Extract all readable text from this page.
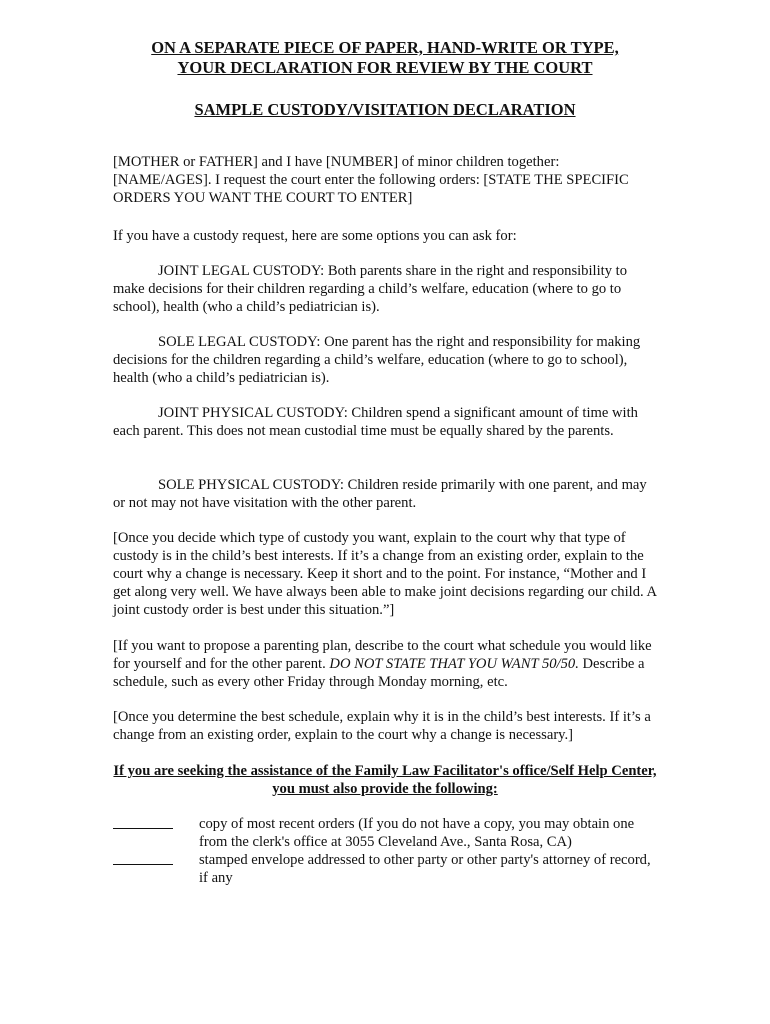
ON A SEPARATE PIECE OF PAPER, HAND-WRITE OR TYPE,

YOUR DECLARATION FOR REVIEW BY THE COURT

SAMPLE CUSTODY/VISITATION DECLARATION

[MOTHER or FATHER] and I have [NUMBER] of minor children together: [NAME/AGES]. I request the court enter the following orders: [STATE THE SPECIFIC ORDERS YOU WANT THE COURT TO ENTER]

If you have a custody request, here are some options you can ask for:

JOINT LEGAL CUSTODY: Both parents share in the right and responsibility to make decisions for their children regarding a child’s welfare, education (where to go to school), health (who a child’s pediatrician is).

SOLE LEGAL CUSTODY: One parent has the right and responsibility for making decisions for the children regarding a child’s welfare, education (where to go to school), health (who a child’s pediatrician is).

JOINT PHYSICAL CUSTODY: Children spend a significant amount of time with each parent. This does not mean custodial time must be equally shared by the parents.

SOLE PHYSICAL CUSTODY: Children reside primarily with one parent, and may or not may not have visitation with the other parent.

[Once you decide which type of custody you want, explain to the court why that type of custody is in the child’s best interests. If it’s a change from an existing order, explain to the court why a change is necessary. Keep it short and to the point. For instance, “Mother and I get along very well. We have always been able to make joint decisions regarding our child. A joint custody order is best under this situation.”]

[If you want to propose a parenting plan, describe to the court what schedule you would like for yourself and for the other parent. DO NOT STATE THAT YOU WANT 50/50. Describe a schedule, such as every other Friday through Monday morning, etc.

[Once you determine the best schedule, explain why it is in the child’s best interests. If it’s a change from an existing order, explain to the court why a change is necessary.]

If you are seeking the assistance of the Family Law Facilitator's office/Self Help Center, you must also provide the following:

copy of most recent orders (If you do not have a copy, you may obtain one from the clerk's office at 3055 Cleveland Ave., Santa Rosa, CA)

stamped envelope addressed to other party or other party's attorney of record, if any
